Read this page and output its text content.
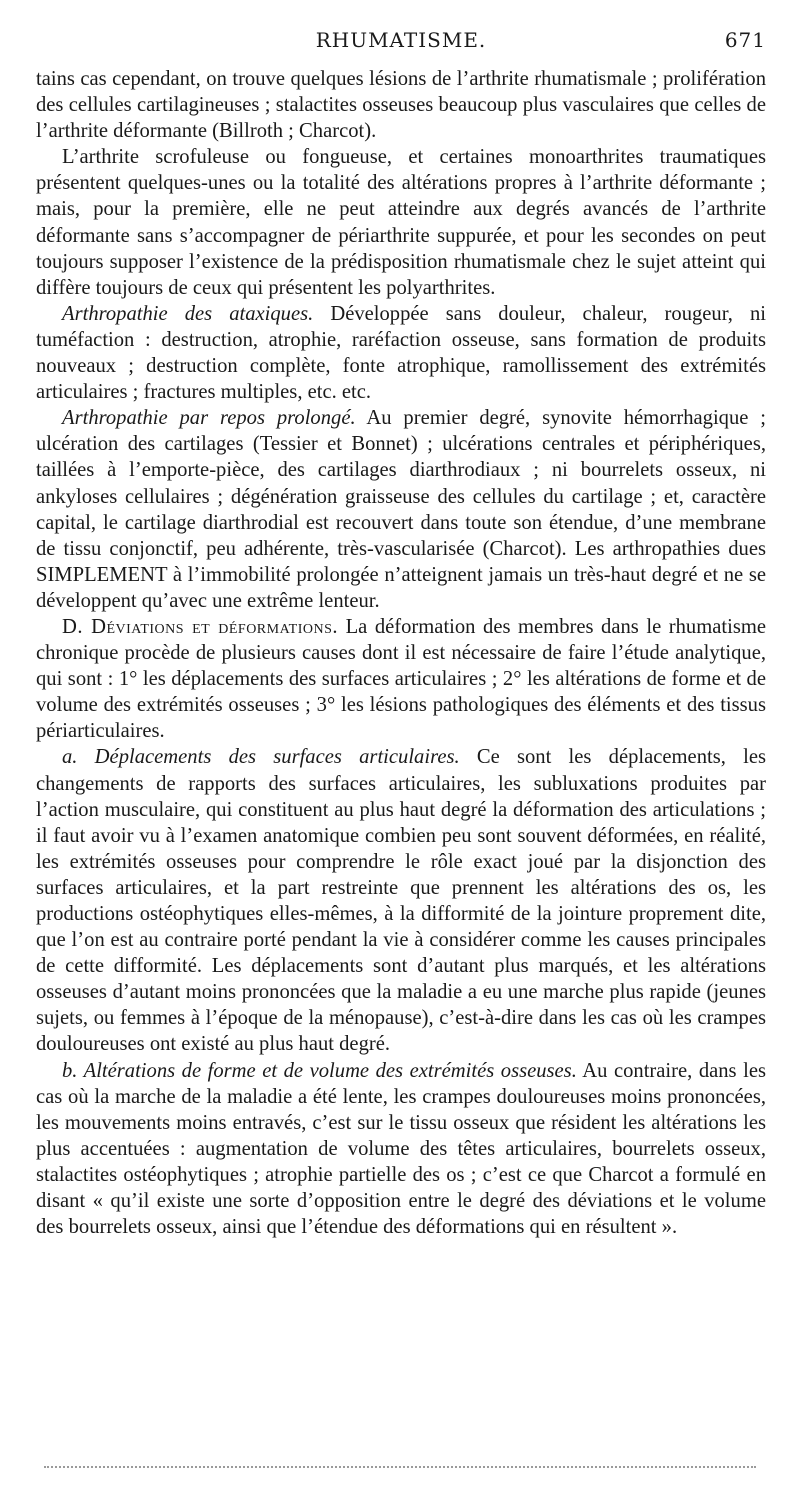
RHUMATISME.	671

tains cas cependant, on trouve quelques lésions de l’arthrite rhumatismale ; prolifération des cellules cartilagineuses ; stalactites osseuses beaucoup plus vasculaires que celles de l’arthrite déformante (Billroth ; Charcot).

L’arthrite scrofuleuse ou fongueuse, et certaines monoarthrites traumatiques présentent quelques-unes ou la totalité des altérations propres à l’arthrite déformante ; mais, pour la première, elle ne peut atteindre aux degrés avancés de l’arthrite déformante sans s’accompagner de périarthrite suppurée, et pour les secondes on peut toujours supposer l’existence de la prédisposition rhumatismale chez le sujet atteint qui diffère toujours de ceux qui présentent les polyarthrites.

Arthropathie des ataxiques. Développée sans douleur, chaleur, rougeur, ni tuméfaction : destruction, atrophie, raréfaction osseuse, sans formation de produits nouveaux ; destruction complète, fonte atrophique, ramollissement des extrémités articulaires ; fractures multiples, etc. etc.

Arthropathie par repos prolongé. Au premier degré, synovite hémorrhagique ; ulcération des cartilages (Tessier et Bonnet) ; ulcérations centrales et périphériques, taillées à l’emporte-pièce, des cartilages diarthrodiaux ; ni bourrelets osseux, ni ankyloses cellulaires ; dégénération graisseuse des cellules du cartilage ; et, caractère capital, le cartilage diarthrodial est recouvert dans toute son étendue, d’une membrane de tissu conjonctif, peu adhérente, très-vascularisée (Charcot). Les arthropathies dues SIMPLEMENT à l’immobilité prolongée n’atteignent jamais un très-haut degré et ne se développent qu’avec une extrême lenteur.

D. Déviations et déformations. La déformation des membres dans le rhumatisme chronique procède de plusieurs causes dont il est nécessaire de faire l’étude analytique, qui sont : 1° les déplacements des surfaces articulaires ; 2° les altérations de forme et de volume des extrémités osseuses ; 3° les lésions pathologiques des éléments et des tissus périarticulaires.

a. Déplacements des surfaces articulaires. Ce sont les déplacements, les changements de rapports des surfaces articulaires, les subluxations produites par l’action musculaire, qui constituent au plus haut degré la déformation des articulations ; il faut avoir vu à l’examen anatomique combien peu sont souvent déformées, en réalité, les extrémités osseuses pour comprendre le rôle exact joué par la disjonction des surfaces articulaires, et la part restreinte que prennent les altérations des os, les productions ostéophytiques elles-mêmes, à la difformité de la jointure proprement dite, que l’on est au contraire porté pendant la vie à considérer comme les causes principales de cette difformité. Les déplacements sont d’autant plus marqués, et les altérations osseuses d’autant moins prononcées que la maladie a eu une marche plus rapide (jeunes sujets, ou femmes à l’époque de la ménopause), c’est-à-dire dans les cas où les crampes douloureuses ont existé au plus haut degré.

b. Altérations de forme et de volume des extrémités osseuses. Au contraire, dans les cas où la marche de la maladie a été lente, les crampes douloureuses moins prononcées, les mouvements moins entravés, c’est sur le tissu osseux que résident les altérations les plus accentuées : augmentation de volume des têtes articulaires, bourrelets osseux, stalactites ostéophytiques ; atrophie partielle des os ; c’est ce que Charcot a formulé en disant « qu’il existe une sorte d’opposition entre le degré des déviations et le volume des bourrelets osseux, ainsi que l’étendue des déformations qui en résultent ».
